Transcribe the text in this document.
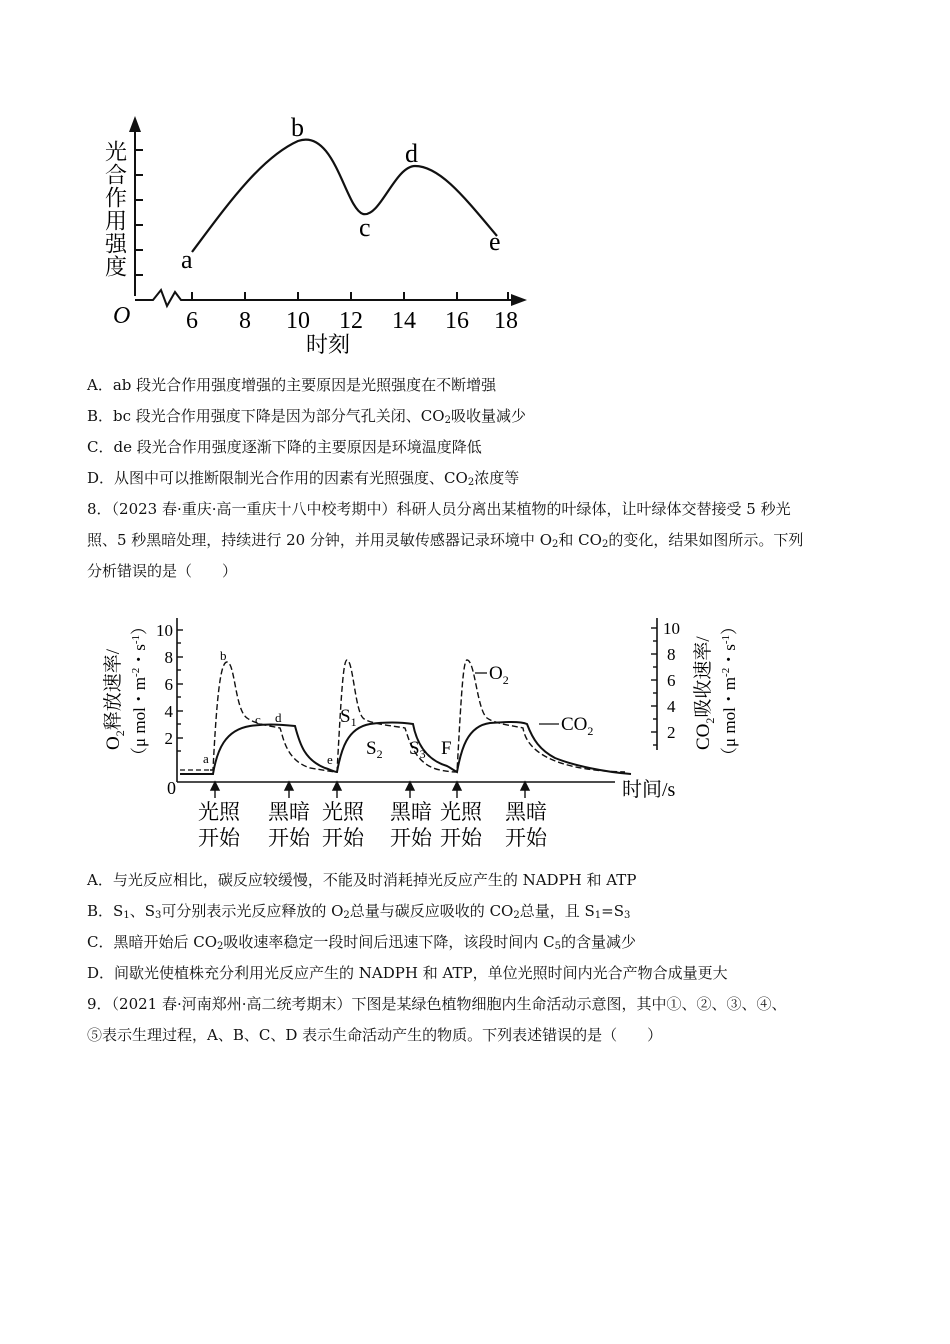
a
b
c
d
e
6 8 10 12 14 16 18
O
时刻
光合作用强度
A．ab 段光合作用强度增强的主要原因是光照强度在不断增强
B．bc 段光合作用强度下降是因为部分气孔关闭、$CO_2$吸收量减少
C．de 段光合作用强度逐渐下降的主要原因是环境温度降低
D．从图中可以推断限制光合作用的因素有光照强度、$CO_2$浓度等
8．（2023 春·重庆·高一重庆十八中校考期中）科研人员分离出某植物的叶绿体，让叶绿体交替接受 5 秒光
照、5 秒黑暗处理，持续进行 20 分钟，并用灵敏传感器记录环境中 $O_2$和 $CO_2$的变化，结果如图所示。下列
分析错误的是（　　）
10
8
6
4
2
0	时间/s
10
8
6
4
2
a
b
c d
e
F
$S_1$
$S_2$ $S_3$
$O_2$
$CO_2$
光照 黑暗 光照 黑暗 光照 黑暗
开始 开始 开始 开始 开始 开始
$O_2$释放速率/ （μ mol・$m^{-2}$・$s^{-1}$）
$CO_2$吸收速率/ （μ mol・$m^{-2}$・$s^{-1}$）
A．与光反应相比，碳反应较缓慢，不能及时消耗掉光反应产生的 NADPH 和 ATP
B．$S_1$、$S_3$可分别表示光反应释放的 $O_2$总量与碳反应吸收的 $CO_2$总量，且 $S_1=S_3$
C．黑暗开始后 $CO_2$吸收速率稳定一段时间后迅速下降，该段时间内 $C_5$的含量减少
D．间歇光使植株充分利用光反应产生的 NADPH 和 ATP，单位光照时间内光合产物合成量更大
9．（2021 春·河南郑州·高二统考期末）下图是某绿色植物细胞内生命活动示意图，其中①、②、③、④、
⑤表示生理过程，A、B、C、D 表示生命活动产生的物质。下列表述错误的是（　　）
